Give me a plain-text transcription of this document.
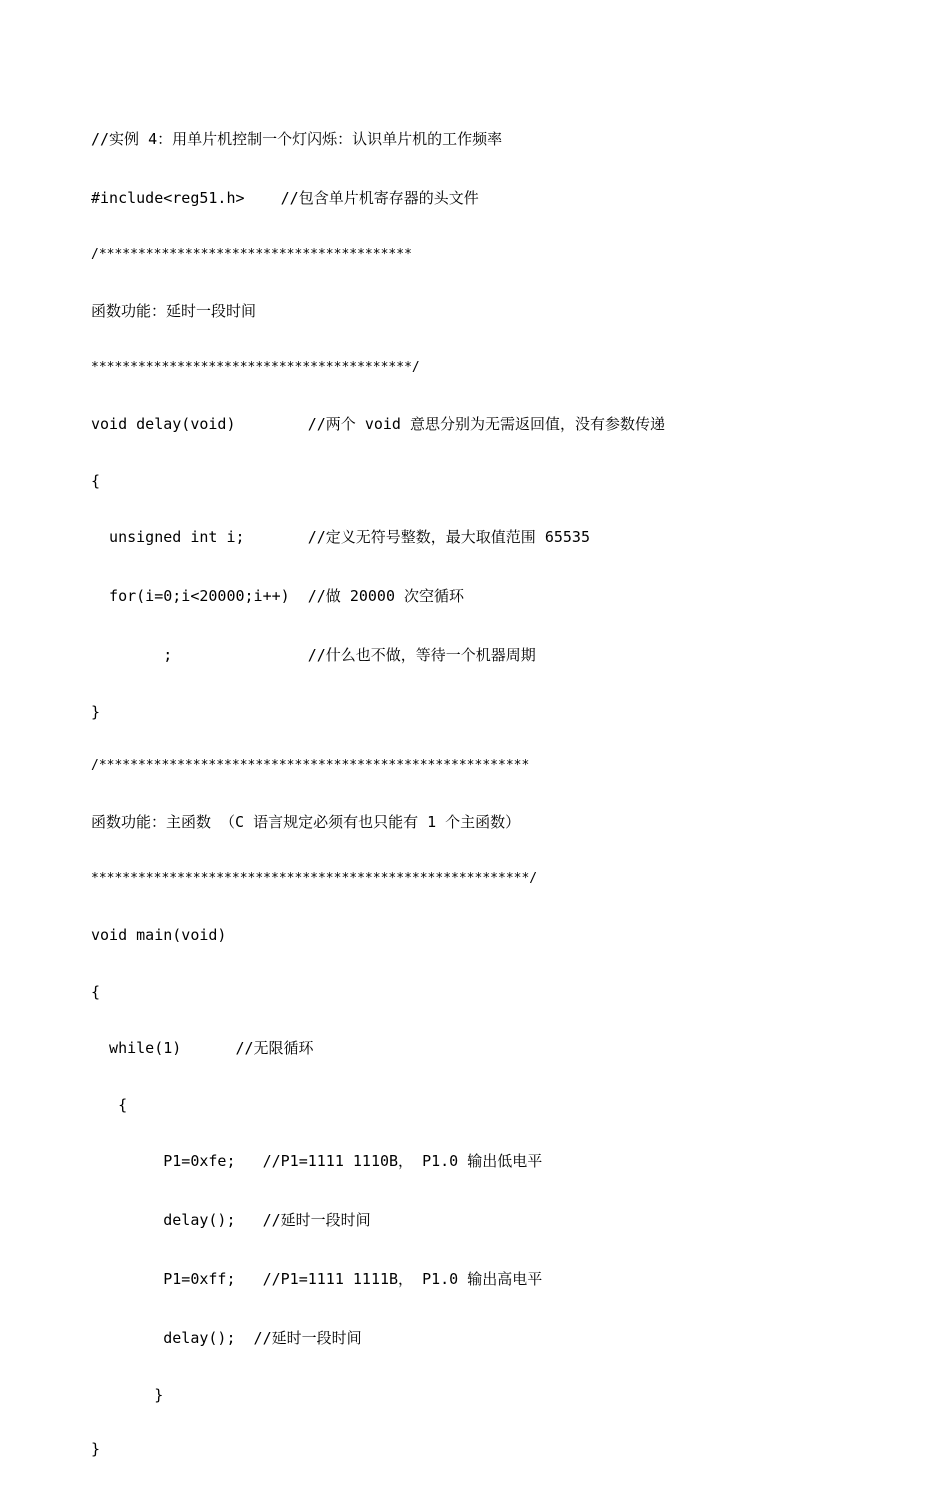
//实例 4：用单片机控制一个灯闪烁：认识单片机的工作频率

#include<reg51.h>    //包含单片机寄存器的头文件

/****************************************

函数功能：延时一段时间

*****************************************/

void delay(void)        //两个 void 意思分别为无需返回值，没有参数传递

{

unsigned int i;       //定义无符号整数，最大取值范围 65535

for(i=0;i<20000;i++)  //做 20000 次空循环

;               //什么也不做，等待一个机器周期

}

/*******************************************************

函数功能：主函数 （C 语言规定必须有也只能有 1 个主函数）

********************************************************/

void main(void)

{

while(1)      //无限循环

{

P1=0xfe;   //P1=1111 1110B， P1.0 输出低电平

delay();   //延时一段时间

P1=0xff;   //P1=1111 1111B， P1.0 输出高电平

delay();  //延时一段时间

}

}
